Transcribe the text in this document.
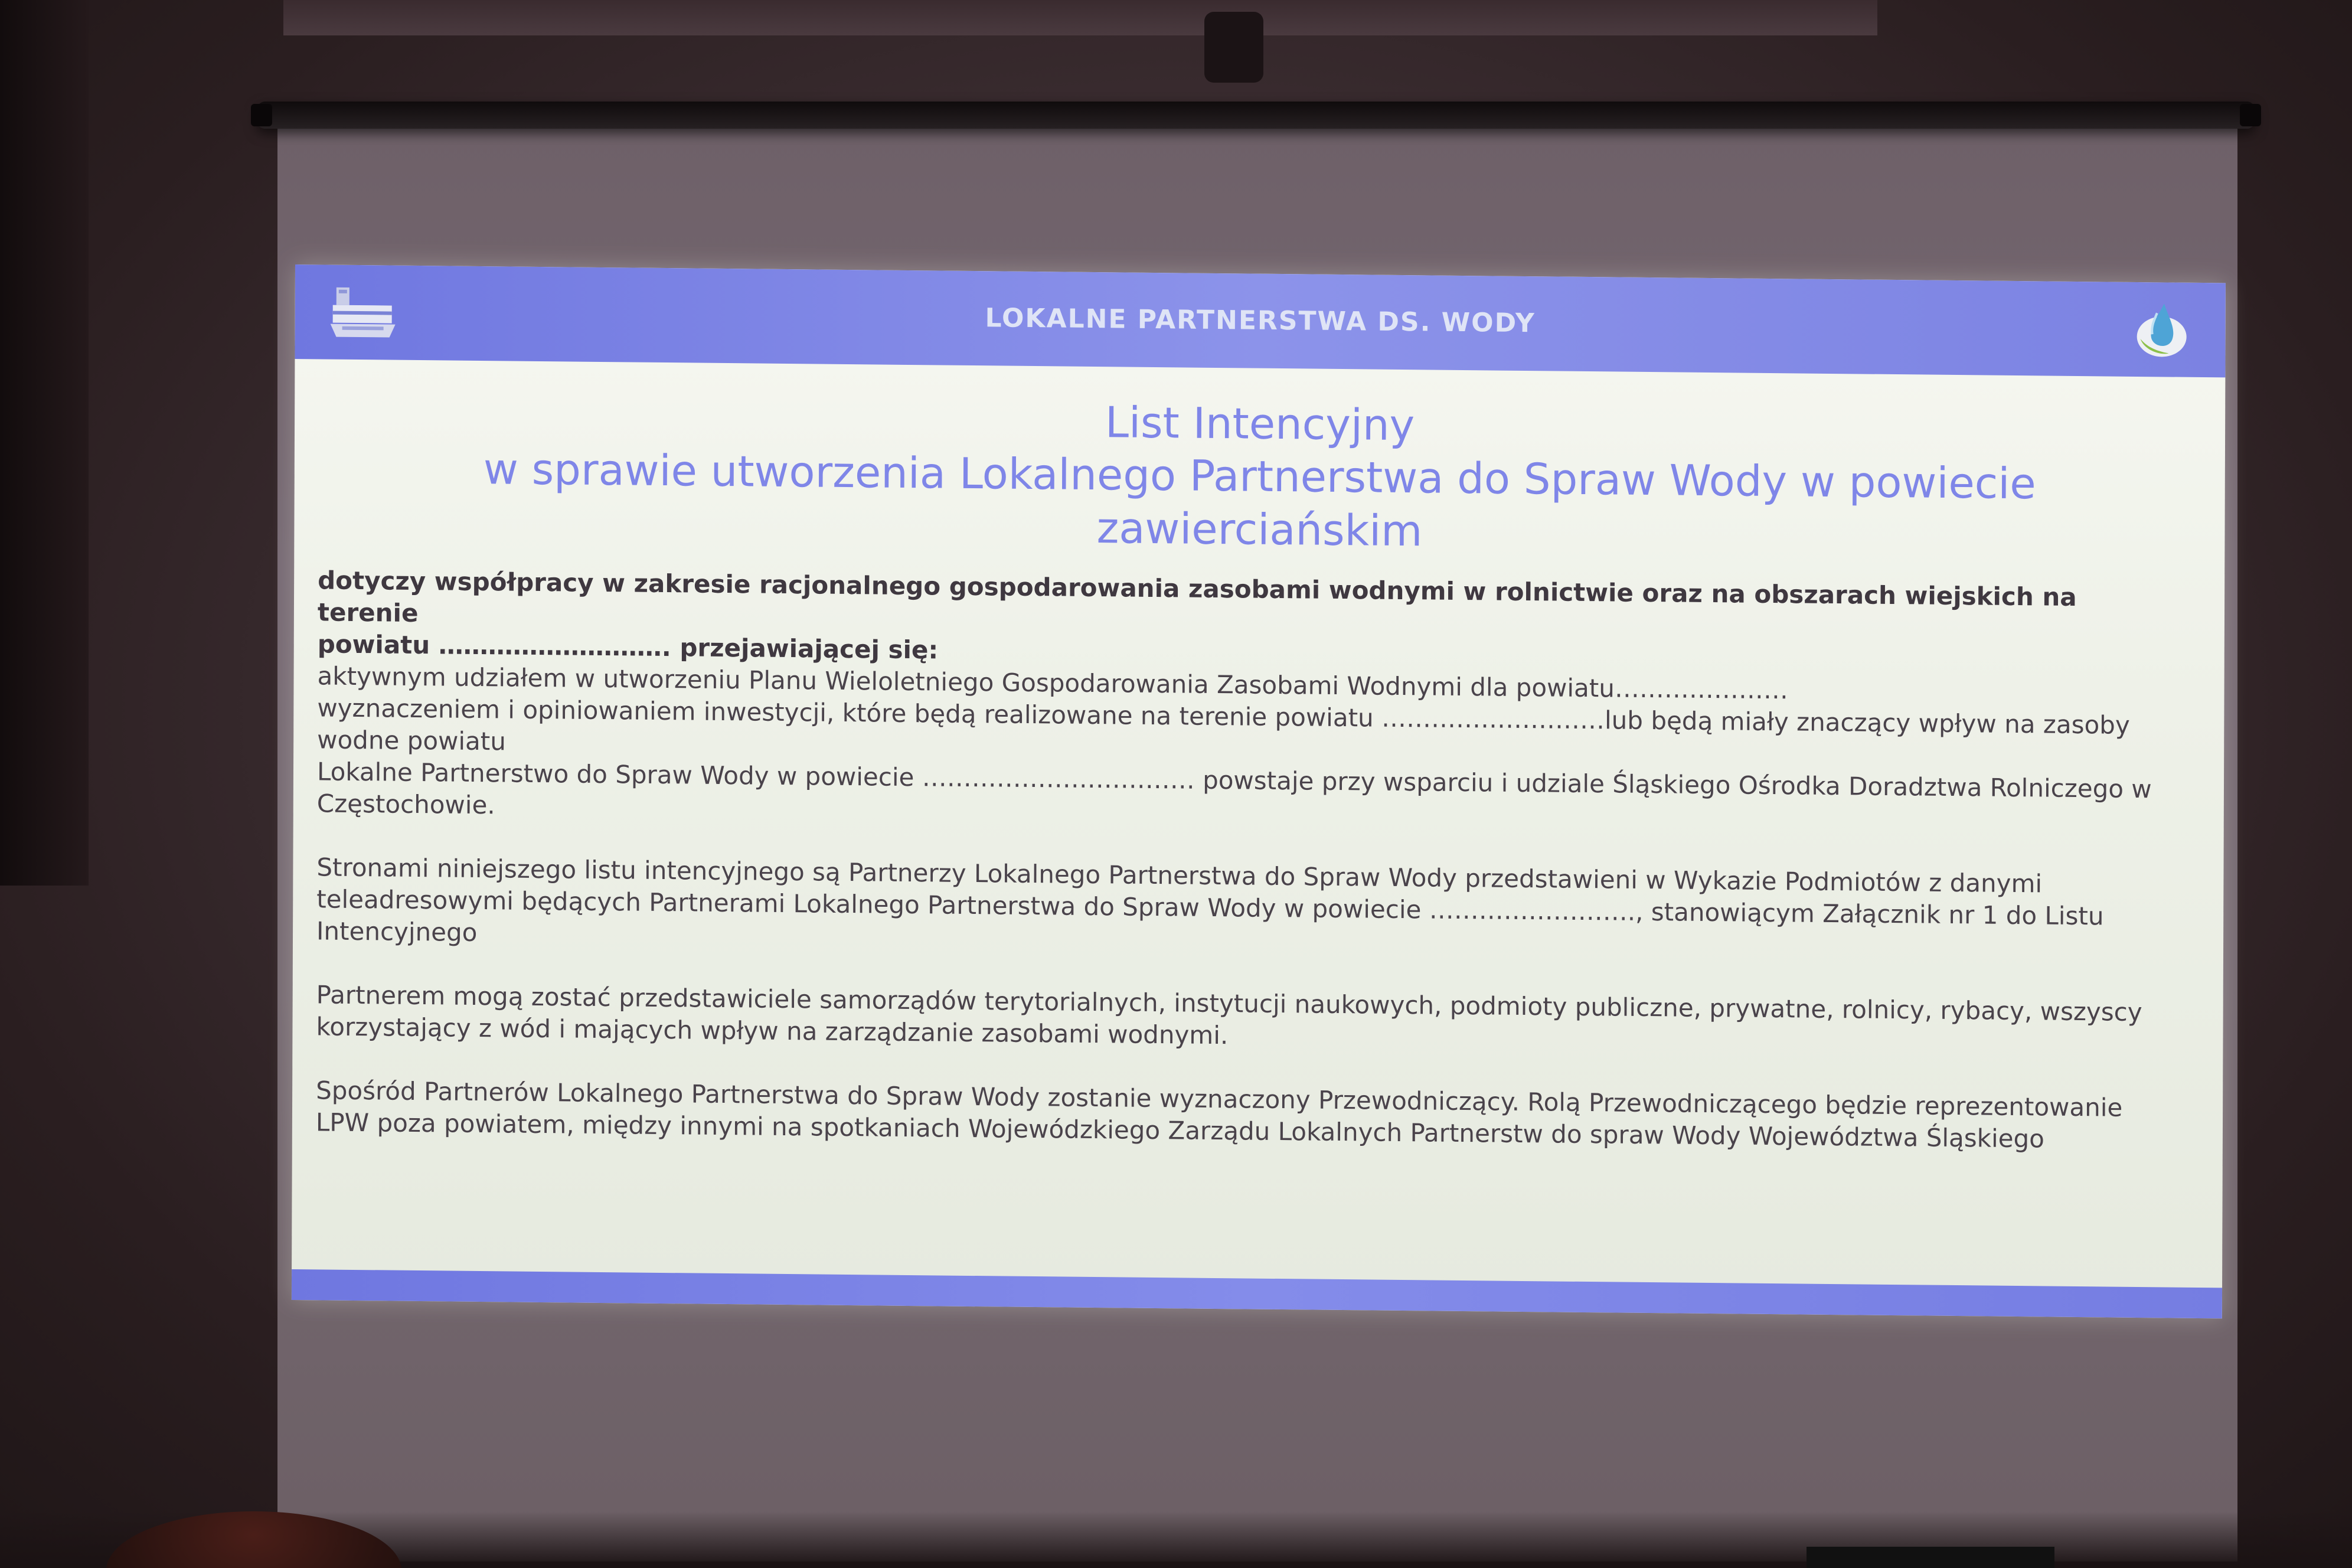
LOKALNE PARTNERSTWA DS. WODY

List Intencyjny

w sprawie utworzenia Lokalnego Partnerstwa do Spraw Wody w powiecie zawierciańskim

dotyczy współpracy w zakresie racjonalnego gospodarowania zasobami wodnymi w rolnictwie oraz na obszarach wiejskich na terenie

powiatu ………………………. przejawiającej się:

aktywnym udziałem w utworzeniu Planu Wieloletniego Gospodarowania Zasobami Wodnymi dla powiatu…………………

wyznaczeniem i opiniowaniem inwestycji, które będą realizowane na terenie powiatu ………………………lub będą miały znaczący wpływ na zasoby wodne powiatu

Lokalne Partnerstwo do Spraw Wody w powiecie …………………………… powstaje przy wsparciu i udziale Śląskiego Ośrodka Doradztwa Rolniczego w Częstochowie.

Stronami niniejszego listu intencyjnego są Partnerzy Lokalnego Partnerstwa do Spraw Wody przedstawieni w Wykazie Podmiotów z danymi teleadresowymi będących Partnerami Lokalnego Partnerstwa do Spraw Wody w powiecie ……………………., stanowiącym Załącznik nr 1 do Listu Intencyjnego

Partnerem mogą zostać przedstawiciele samorządów terytorialnych, instytucji naukowych, podmioty publiczne, prywatne, rolnicy, rybacy, wszyscy korzystający z wód i mających wpływ na zarządzanie zasobami wodnymi.

Spośród Partnerów Lokalnego Partnerstwa do Spraw Wody zostanie wyznaczony Przewodniczący. Rolą Przewodniczącego będzie reprezentowanie LPW poza powiatem, między innymi na spotkaniach Wojewódzkiego Zarządu Lokalnych Partnerstw do spraw Wody Województwa Śląskiego
